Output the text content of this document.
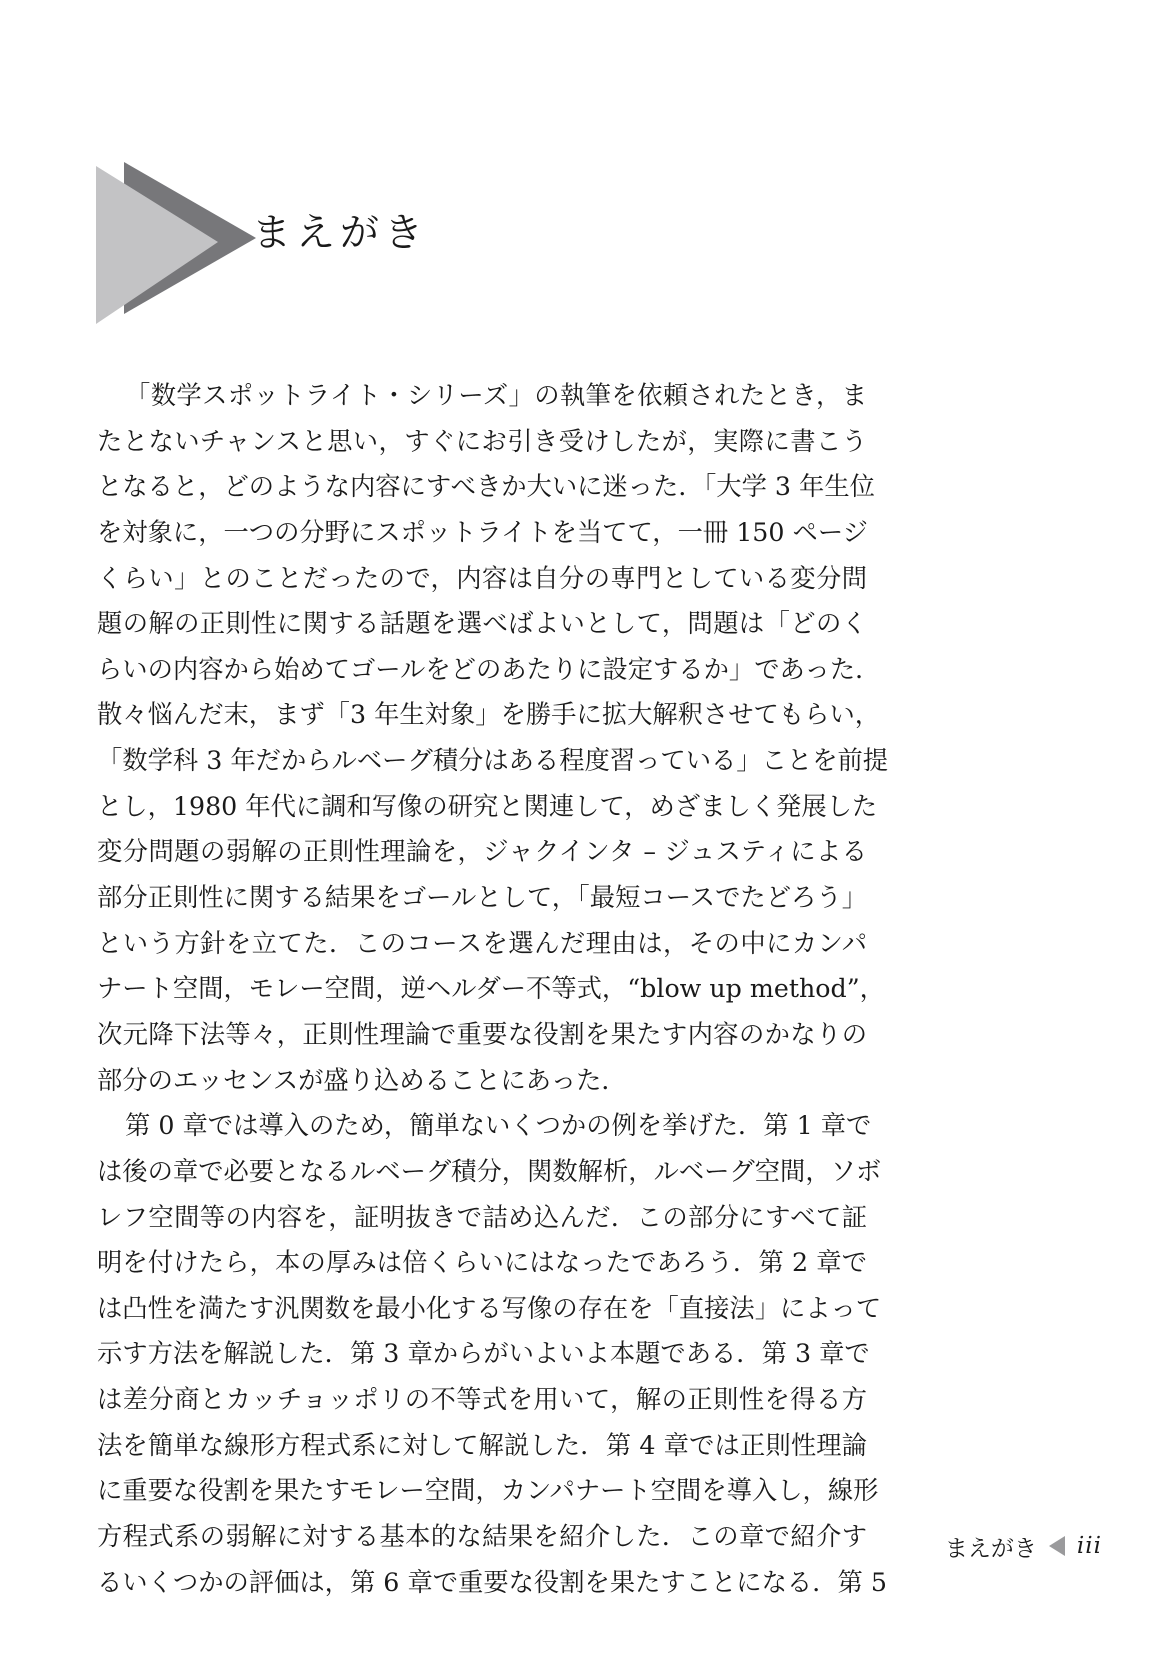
まえがき
「数学スポットライト・シリーズ」の執筆を依頼されたとき，ま
たとないチャンスと思い，すぐにお引き受けしたが，実際に書こう
となると，どのような内容にすべきか大いに迷った．「大学 3 年生位
を対象に，一つの分野にスポットライトを当てて，一冊 150 ページ
くらい」とのことだったので，内容は自分の専門としている変分問
題の解の正則性に関する話題を選べばよいとして，問題は「どのく
らいの内容から始めてゴールをどのあたりに設定するか」であった．
散々悩んだ末，まず「3 年生対象」を勝手に拡大解釈させてもらい，
「数学科 3 年だからルベーグ積分はある程度習っている」ことを前提
とし，1980 年代に調和写像の研究と関連して，めざましく発展した
変分問題の弱解の正則性理論を，ジャクインタ – ジュスティによる
部分正則性に関する結果をゴールとして，「最短コースでたどろう」
という方針を立てた．このコースを選んだ理由は，その中にカンパ
ナート空間，モレー空間，逆ヘルダー不等式，“blow up method”，
次元降下法等々，正則性理論で重要な役割を果たす内容のかなりの
部分のエッセンスが盛り込めることにあった．
第 0 章では導入のため，簡単ないくつかの例を挙げた．第 1 章で
は後の章で必要となるルベーグ積分，関数解析，ルベーグ空間，ソボ
レフ空間等の内容を，証明抜きで詰め込んだ．この部分にすべて証
明を付けたら，本の厚みは倍くらいにはなったであろう．第 2 章で
は凸性を満たす汎関数を最小化する写像の存在を「直接法」によって
示す方法を解説した．第 3 章からがいよいよ本題である．第 3 章で
は差分商とカッチョッポリの不等式を用いて，解の正則性を得る方
法を簡単な線形方程式系に対して解説した．第 4 章では正則性理論
に重要な役割を果たすモレー空間，カンパナート空間を導入し，線形
方程式系の弱解に対する基本的な結果を紹介した．この章で紹介す
るいくつかの評価は，第 6 章で重要な役割を果たすことになる．第 5
まえがき iii
